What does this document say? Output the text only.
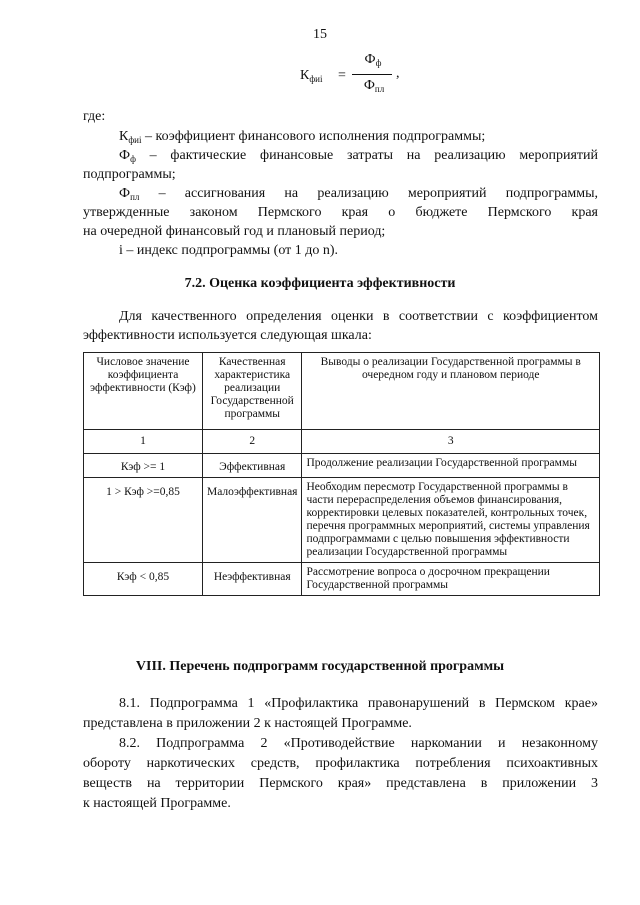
15
$К_{фиi}$ =
$Ф_ф$
$Ф_{пл}$
,
где:
$К_{фиi}$ – коэффициент финансового исполнения подпрограммы;
$Ф_ф$ – фактические финансовые затраты на реализацию мероприятий
подпрограммы;
$Ф_{пл}$ – ассигнования на реализацию мероприятий подпрограммы,
утвержденные законом Пермского края о бюджете Пермского края
на очередной финансовый год и плановый период;
i – индекс подпрограммы (от 1 до n).
7.2. Оценка коэффициента эффективности
Для качественного определения оценки в соответствии с коэффициентом
эффективности используется следующая шкала:
Числовое значение коэффициента эффективности (Кэф)	Качественная характеристика реализации Государственной программы	Выводы о реализации Государственной программы в очередном году и плановом периоде
1	2	3
Кэф >= 1	Эффективная	Продолжение реализации Государственной программы
1 > Кэф >=0,85	Малоэффективная	Необходим пересмотр Государственной программы в части перераспределения объемов финансирования, корректировки целевых показателей, контрольных точек, перечня программных мероприятий, системы управления подпрограммами с целью повышения эффективности реализации Государственной программы
Кэф < 0,85	Неэффективная	Рассмотрение вопроса о досрочном прекращении Государственной программы
VIII. Перечень подпрограмм государственной программы
8.1. Подпрограмма 1 «Профилактика правонарушений в Пермском крае»
представлена в приложении 2 к настоящей Программе.
8.2. Подпрограмма 2 «Противодействие наркомании и незаконному
обороту наркотических средств, профилактика потребления психоактивных
веществ на территории Пермского края» представлена в приложении 3
к настоящей Программе.
